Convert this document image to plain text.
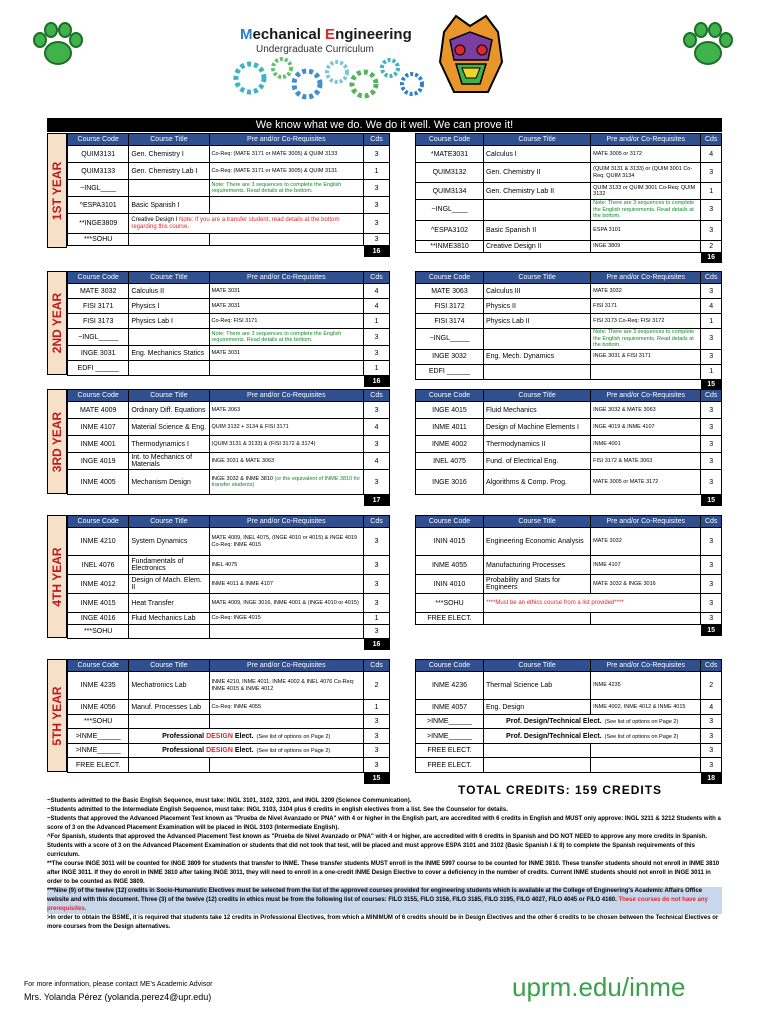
Mechanical Engineering
Undergraduate Curriculum
We know what we do. We do it well. We can prove it!
1ST YEAR
Course Code	Course Title	Pre and/or Co-Requisites	Cds
QUIM3131	Gen. Chemistry I	Co-Req: (MATE 3171 or MATE 3005) & QUIM 3133	3
QUIM3133	Gen. Chemistry Lab I	Co-Req: (MATE 3171 or MATE 3005) & QUIM 3131	1
~INGL____		Note: There are 3 sequences to complete the English requirements. Read details at the bottom.	3
^ESPA3101	Basic Spanish I		3
**INGE3809	Creative Design I Note: If you are a transfer student, read details at the bottom regarding this course.		3
***SOHU			3
			16
Course Code	Course Title	Pre and/or Co-Requisites	Cds
*MATE3031	Calculus I	MATE 3005 or 3172	4
QUIM3132	Gen. Chemistry II	(QUIM 3131 & 3133) or (QUIM 3001 Co-Req: QUIM 3134	3
QUIM3134	Gen. Chemistry Lab II	QUIM 3133 or QUIM 3001 Co-Req: QUIM 3132	1
~INGL____		Note: There are 3 sequences to complete the English requirements. Read details at the bottom.	3
^ESPA3102	Basic Spanish II	ESPA 3101	3
**INME3810	Creative Design II	INGE 3809	2
			16
2ND YEAR
Course Code	Course Title	Pre and/or Co-Requisites	Cds
MATE 3032	Calculus II	MATE 3031	4
FISI 3171	Physics I	MATE 3031	4
FISI 3173	Physics Lab I	Co-Req: FISI 3171	1
~INGL_____		Note: There are 3 sequences to complete the English requirements. Read details at the bottom.	3
INGE 3031	Eng. Mechanics Statics	MATE 3031	3
EDFI ______			1
			16
Course Code	Course Title	Pre and/or Co-Requisites	Cds
MATE 3063	Calculus III	MATE 3032	3
FISI 3172	Physics II	FISI 3171	4
FISI 3174	Physics Lab II	FISI 3173 Co-Req: FISI 3172	1
~INGL_____		Note: There are 3 sequences to complete the English requirements. Read details at the bottom.	3
INGE 3032	Eng. Mech. Dynamics	INGE 3031 & FISI 3171	3
EDFI ______			1
			15
3RD YEAR
Course Code	Course Title	Pre and/or Co-Requisites	Cds
MATE 4009	Ordinary Diff. Equations	MATE 3063	3
INME 4107	Material Science & Eng.	QUIM 3132 + 3134 & FISI 3171	4
INME 4001	Thermodynamics I	(QUIM 3131 & 3133) & (FISI 3172 & 3174)	3
INGE 4019	Int. to Mechanics of Materials	INGE 3031 & MATE 3063	4
INME 4005	Mechanism Design	INGE 3032 & INME 3810 (or the equivalent of INME 3810 for transfer students)	3
			17
Course Code	Course Title	Pre and/or Co-Requisites	Cds
INGE 4015	Fluid Mechanics	INGE 3032 & MATE 3063	3
INME 4011	Design of Machine Elements I	INGE 4019 & INME 4107	3
INME 4002	Thermodynamics II	INME 4001	3
INEL 4075	Fund. of Electrical Eng.	FISI 3172 & MATE 3063	3
INGE 3016	Algorithms & Comp. Prog.	MATE 3005 or MATE 3172	3
			15
4TH YEAR
Course Code	Course Title	Pre and/or Co-Requisites	Cds
INME 4210	System Dynamics	MATE 4009, INEL 4075, (INGE 4010 or 4015) & INGE 4019 Co-Req: INME 4015	3
INEL 4076	Fundamentals of Electronics	INEL 4075	3
INME 4012	Design of Mach. Elem. II	INME 4011 & INME 4107	3
INME 4015	Heat Transfer	MATE 4009, INGE 3016, INME 4001 & (INGE 4010 or 4015)	3
INGE 4016	Fluid Mechanics Lab	Co-Req: INGE 4015	1
***SOHU			3
			16
Course Code	Course Title	Pre and/or Co-Requisites	Cds
ININ 4015	Engineering Economic Analysis	MATE 3032	3
INME 4055	Manufacturing Processes	INME 4107	3
ININ 4010	Probability and Stats for Engineers	MATE 3032 & INGE 3016	3
***SOHU	****Must be an ethics course from a list provided****		3
FREE ELECT.			3
			15
5TH YEAR
Course Code	Course Title	Pre and/or Co-Requisites	Cds
INME 4235	Mechatronics Lab	INME 4210, INME 4011, INME 4002 & INEL 4076 Co-Req: INME 4015 & INME 4012	2
INME 4056	Manuf. Processes Lab	Co-Req: INME 4055	1
***SOHU			3
>INME______	Professional DESIGN Elect. (See list of options on Page 2)		3
>INME______	Professional DESIGN Elect. (See list of options on Page 2)		3
FREE ELECT.			3
			15
Course Code	Course Title	Pre and/or Co-Requisites	Cds
INME 4236	Thermal Science Lab	INME 4235	2
INME 4057	Eng. Design	INME 4002, INME 4012 & INME 4015	4
>INME______	Prof. Design/Technical Elect. (See list of options on Page 2)		3
>INME______	Prof. Design/Technical Elect. (See list of options on Page 2)		3
FREE ELECT.			3
FREE ELECT.			3
			18
TOTAL CREDITS: 159 CREDITS

~Students admitted to the Basic English Sequence, must take: INGL 3101, 3102, 3201, and INGL 3209 (Science Communication).

~Students admitted to the Intermediate English Sequence, must take: INGL 3103, 3104 plus 6 credits in english electives from a list. See the Counselor for details.

~Students that approved the Advanced Placement Test known as "Prueba de Nivel Avanzado or PNA" with 4 or higher in the English part, are accredited with 6 credits in English and MUST only approve: INGL 3211 & 3212 Students with a score of 3 on the Advanced Placement Examination will be placed in INGL 3103 (Intermediate English).

^For Spanish, students that approved the Advanced Placement Test known as "Prueba de Nivel Avanzado or PNA" with 4 or higher, are accredited with 6 credits in Spanish and DO NOT NEED to approve any more credits in Spanish. Students with a score of 3 on the Advanced Placement Examination or students that did not took that test, will be placed and must approve ESPA 3101 and 3102 (Basic Spanish I & II) to complete the Spanish requirements of this curriculum.

**The course INGE 3011 will be counted for INGE 3809 for students that transfer to INME. These transfer students MUST enroll in the INME 5997 course to be counted for INME 3810. These transfer students should not enroll in INME 3810 after INGE 3011. If they do enroll in INME 3810 after taking INGE 3011, they will need to enroll in a one-credit INME Design Elective to cover a deficiency in the number of credits. Current INME students should not enroll in INGE 3011 in order to be counted as INGE 3809.

***Nine (9) of the twelve (12) credits in Socio-Humanistic Electives must be selected from the list of the approved courses provided for engineering students which is available at the College of Engineering's Academic Affairs Office website and with this document. Three (3) of the twelve (12) credits in ethics must be from the following list of courses: FILO 3155, FILO 3156, FILO 3185, FILO 3195, FILO 4027, FILO 4045 or FILO 4160. These courses do not have any prerequisites.

>In order to obtain the BSME, it is required that students take 12 credits in Professional Electives, from which a MINIMUM of 6 credits should be in Design Electives and the other 6 credits to be chosen between the Technical Electives or more courses from the Design alternatives.

For more information, please contact ME's Academic Advisor
Mrs. Yolanda Pérez (yolanda.perez4@upr.edu)	uprm.edu/inme
